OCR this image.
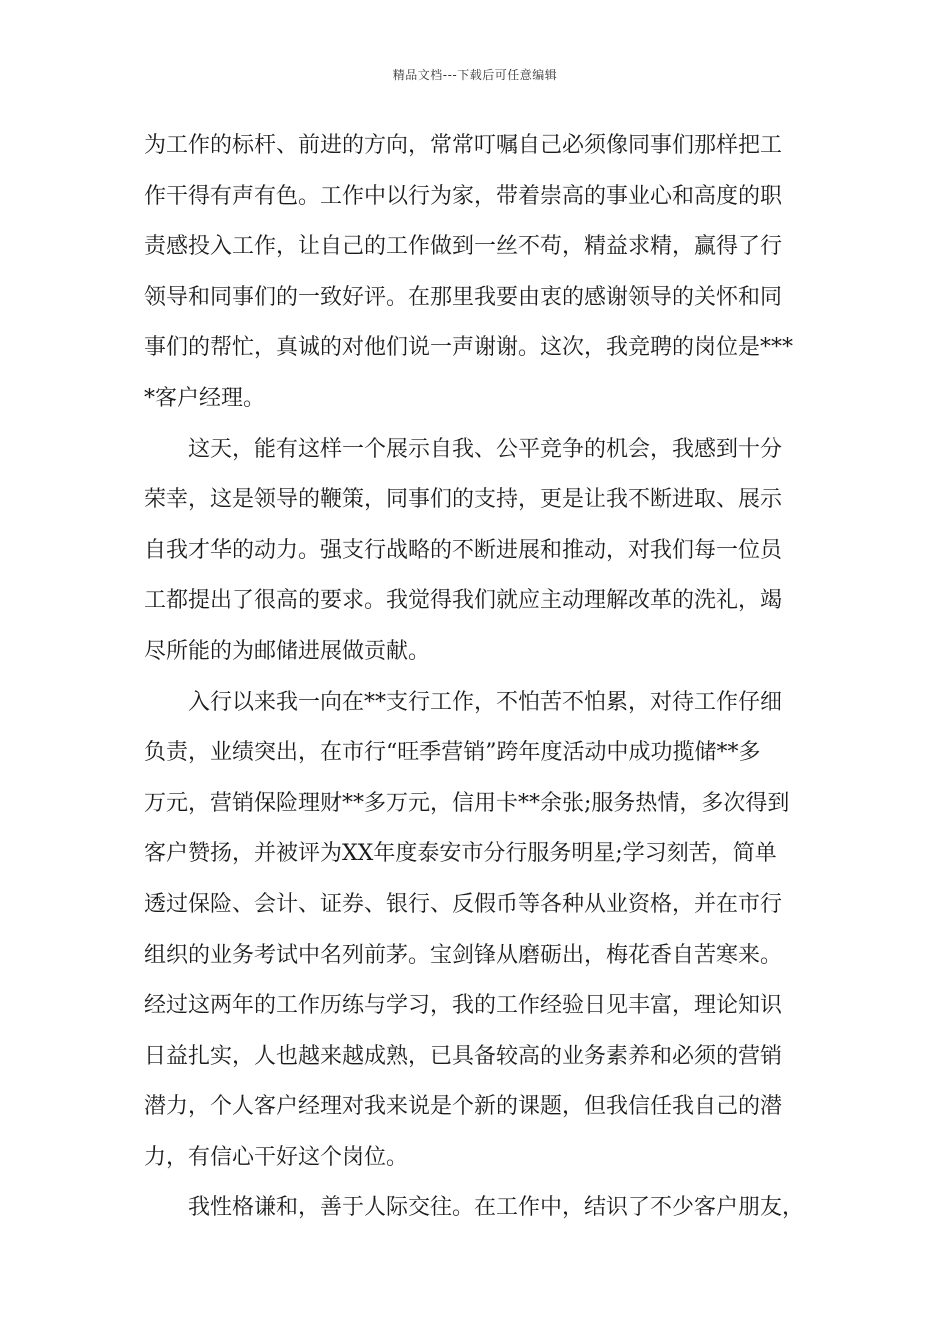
精品文档---下载后可任意编辑
为工作的标杆、前进的方向，常常叮嘱自己必须像同事们那样把工
作干得有声有色。工作中以行为家，带着崇高的事业心和高度的职
责感投入工作，让自己的工作做到一丝不苟，精益求精，赢得了行
领导和同事们的一致好评。在那里我要由衷的感谢领导的关怀和同
事们的帮忙，真诚的对他们说一声谢谢。这次，我竞聘的岗位是***
*客户经理。
这天，能有这样一个展示自我、公平竞争的机会，我感到十分
荣幸，这是领导的鞭策，同事们的支持，更是让我不断进取、展示
自我才华的动力。强支行战略的不断进展和推动，对我们每一位员
工都提出了很高的要求。我觉得我们就应主动理解改革的洗礼，竭
尽所能的为邮储进展做贡献。
入行以来我一向在**支行工作，不怕苦不怕累，对待工作仔细
负责，业绩突出，在市行“旺季营销”跨年度活动中成功揽储**多
万元，营销保险理财**多万元，信用卡**余张;服务热情，多次得到
客户赞扬，并被评为XX年度泰安市分行服务明星;学习刻苦，简单
透过保险、会计、证券、银行、反假币等各种从业资格，并在市行
组织的业务考试中名列前茅。宝剑锋从磨砺出，梅花香自苦寒来。
经过这两年的工作历练与学习，我的工作经验日见丰富，理论知识
日益扎实，人也越来越成熟，已具备较高的业务素养和必须的营销
潜力，个人客户经理对我来说是个新的课题，但我信任我自己的潜
力，有信心干好这个岗位。
我性格谦和，善于人际交往。在工作中，结识了不少客户朋友，
